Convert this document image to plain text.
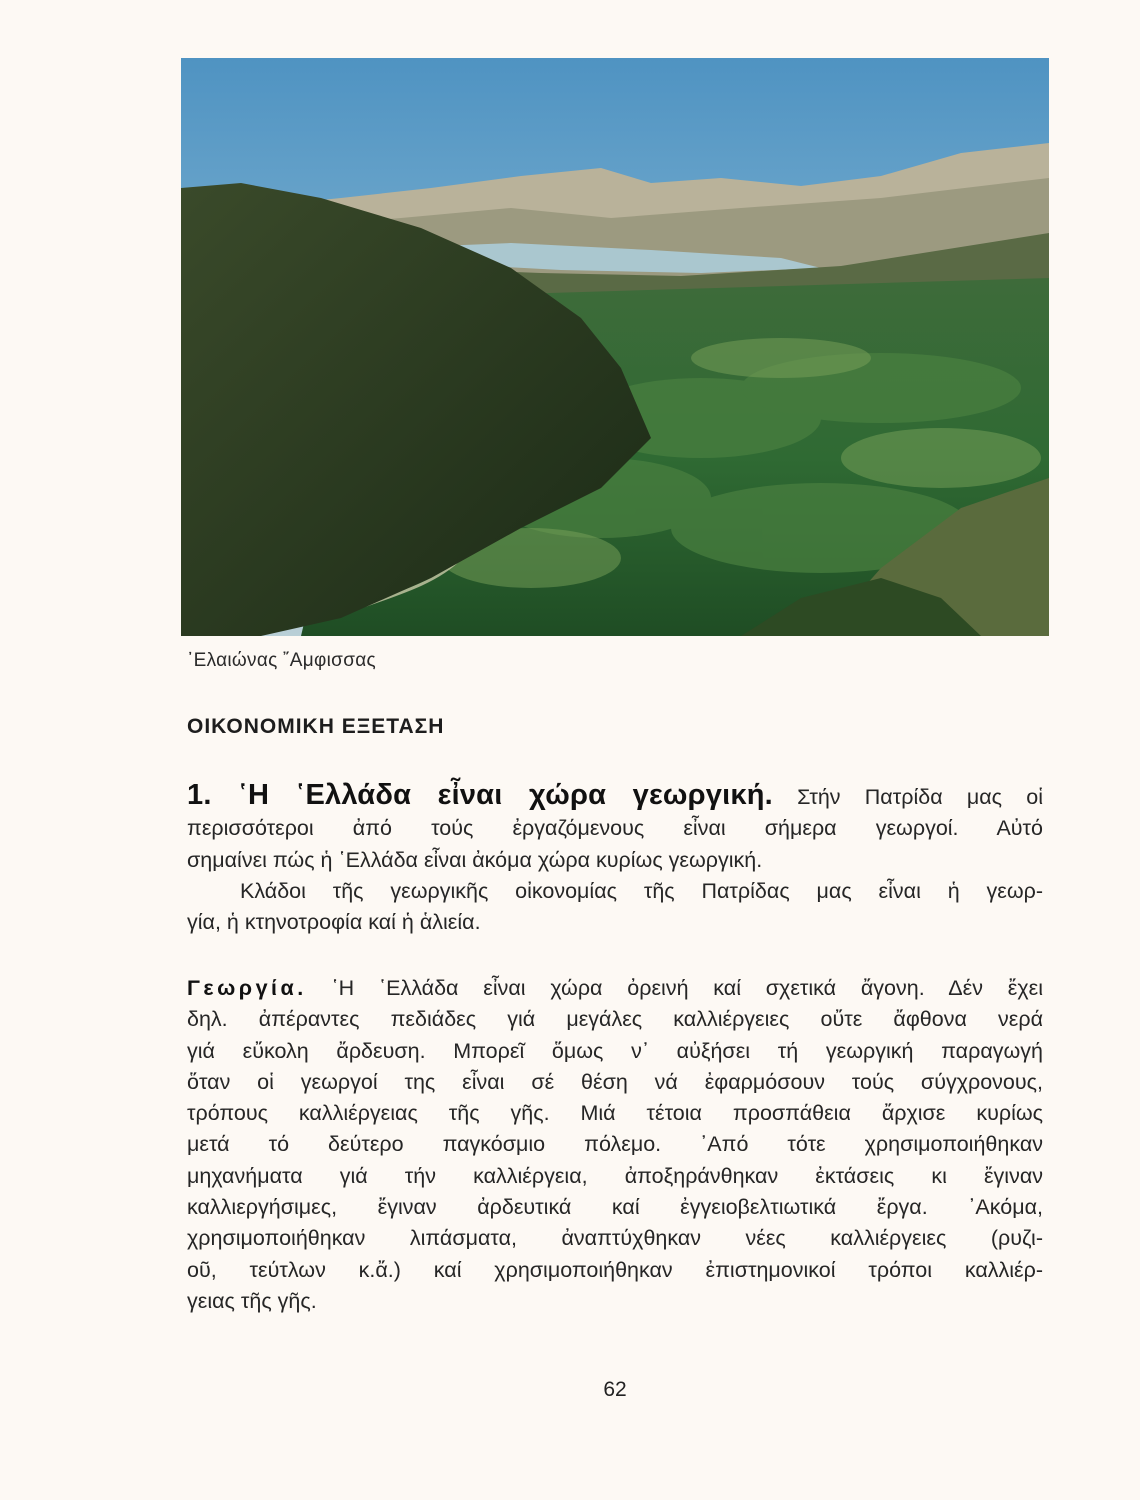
᾽Ελαιώνας ῎Αμφισσας
ΟΙΚΟΝΟΜΙΚΗ ΕΞΕΤΑΣΗ
1. ῾Η ῾Ελλάδα εἶναι χώρα γεωργική. Στήν Πατρίδα μας οἱ
περισσότεροι ἀπό τούς ἐργαζόμενους εἶναι σήμερα γεωργοί. Αὐτό
σημαίνει πώς ἡ ῾Ελλάδα εἶναι ἀκόμα χώρα κυρίως γεωργική.
Κλάδοι τῆς γεωργικῆς οἰκονομίας τῆς Πατρίδας μας εἶναι ἡ γεωρ-
γία, ἡ κτηνοτροφία καί ἡ ἁλιεία.
Γεωργία. ῾Η ῾Ελλάδα εἶναι χώρα ὀρεινή καί σχετικά ἄγονη. Δέν ἔχει
δηλ. ἀπέραντες πεδιάδες γιά μεγάλες καλλιέργειες οὔτε ἄφθονα νερά
γιά εὔκολη ἄρδευση. Μπορεῖ ὅμως ν᾽ αὐξήσει τή γεωργική παραγωγή
ὅταν οἱ γεωργοί της εἶναι σέ θέση νά ἐφαρμόσουν τούς σύγχρονους,
τρόπους καλλιέργειας τῆς γῆς. Μιά τέτοια προσπάθεια ἄρχισε κυρίως
μετά τό δεύτερο παγκόσμιο πόλεμο. ᾽Από τότε χρησιμοποιήθηκαν
μηχανήματα γιά τήν καλλιέργεια, ἀποξηράνθηκαν ἐκτάσεις κι ἔγιναν
καλλιεργήσιμες, ἔγιναν ἀρδευτικά καί ἐγγειοβελτιωτικά ἔργα. ᾽Ακόμα,
χρησιμοποιήθηκαν λιπάσματα, ἀναπτύχθηκαν νέες καλλιέργειες (ρυζι-
οῦ, τεύτλων κ.ἄ.) καί χρησιμοποιήθηκαν ἐπιστημονικοί τρόποι καλλιέρ-
γειας τῆς γῆς.
62
